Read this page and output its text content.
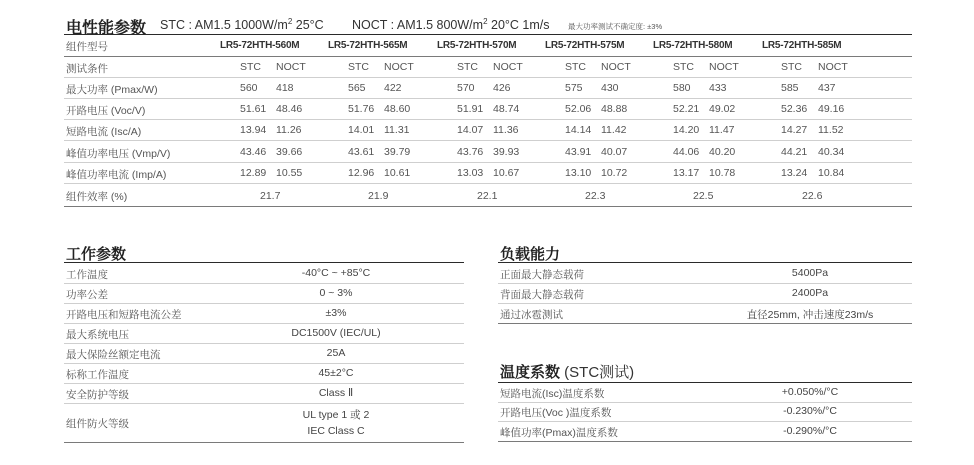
电性能参数 STC : AM1.5 $1000W/m^2$ 25°C NOCT : AM1.5 $800W/m^2$ 20°C 1m/s 最大功率测试不确定度: ±3%
组件型号	LR5-72HTH-560M	LR5-72HTH-565M	LR5-72HTH-570M	LR5-72HTH-575M	LR5-72HTH-580M	LR5-72HTH-585M
测试条件	STC NOCT	STC NOCT	STC NOCT	STC NOCT	STC NOCT	STC NOCT
最大功率 (Pmax/W)	560 418	565 422	570 426	575 430	580 433	585 437
开路电压 (Voc/V)	51.61 48.46	51.76 48.60	51.91 48.74	52.06 48.88	52.21 49.02	52.36 49.16
短路电流 (Isc/A)	13.94 11.26	14.01 11.31	14.07 11.36	14.14 11.42	14.20 11.47	14.27 11.52
峰值功率电压 (Vmp/V)	43.46 39.66	43.61 39.79	43.76 39.93	43.91 40.07	44.06 40.20	44.21 40.34
峰值功率电流 (Imp/A)	12.89 10.55	12.96 10.61	13.03 10.67	13.10 10.72	13.17 10.78	13.24 10.84
组件效率 (%)	21.7	21.9	22.1	22.3	22.5	22.6
工作参数
工作温度	-40°C ~ +85°C
功率公差	0 ~ 3%
开路电压和短路电流公差	±3%
最大系统电压	DC1500V (IEC/UL)
最大保险丝额定电流	25A
标称工作温度	45±2°C
安全防护等级	Class Ⅱ
组件防火等级
UL type 1 或 2
IEC Class C
负载能力
正面最大静态载荷	5400Pa
背面最大静态载荷	2400Pa
通过冰雹测试	直径25mm, 冲击速度23m/s
温度系数 (STC测试)
短路电流(Isc)温度系数	+0.050%/°C
开路电压(Voc )温度系数	-0.230%/°C
峰值功率(Pmax)温度系数	-0.290%/°C
